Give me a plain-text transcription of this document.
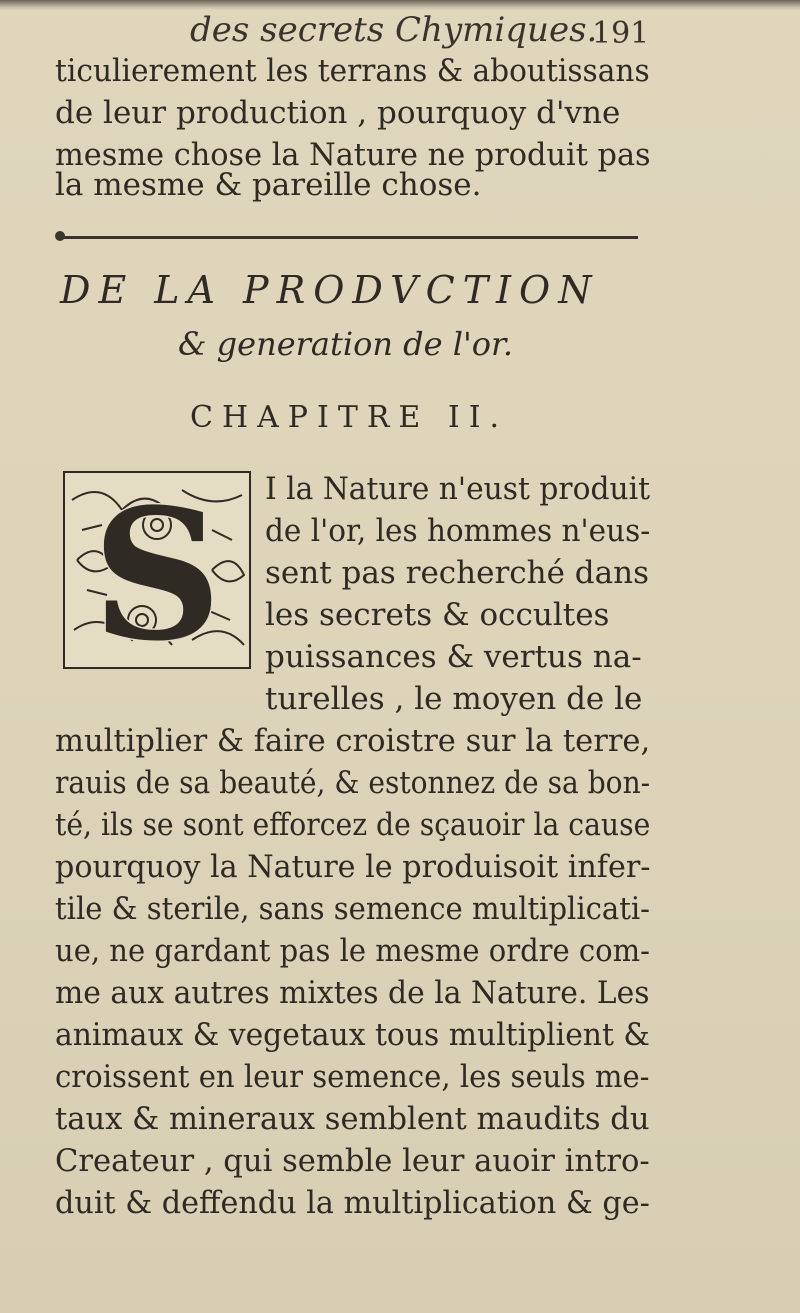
des secrets Chymiques.
191
ticulierement les terrans & aboutissans
de leur production , pourquoy d'vne
mesme chose la Nature ne produit pas
la mesme & pareille chose.
DE LA PRODVCTION
& generation de l'or.
CHAPITRE II.
S I la Nature n'eust produit
de l'or, les hommes n'eus-
sent pas recherché dans
les secrets & occultes
puissances & vertus na-
turelles , le moyen de le
multiplier & faire croistre sur la terre,
rauis de sa beauté, & estonnez de sa bon-
té, ils se sont efforcez de sçauoir la cause
pourquoy la Nature le produisoit infer-
tile & sterile, sans semence multiplicati-
ue, ne gardant pas le mesme ordre com-
me aux autres mixtes de la Nature. Les
animaux & vegetaux tous multiplient &
croissent en leur semence, les seuls me-
taux & mineraux semblent maudits du
Createur , qui semble leur auoir intro-
duit & deffendu la multiplication & ge-
